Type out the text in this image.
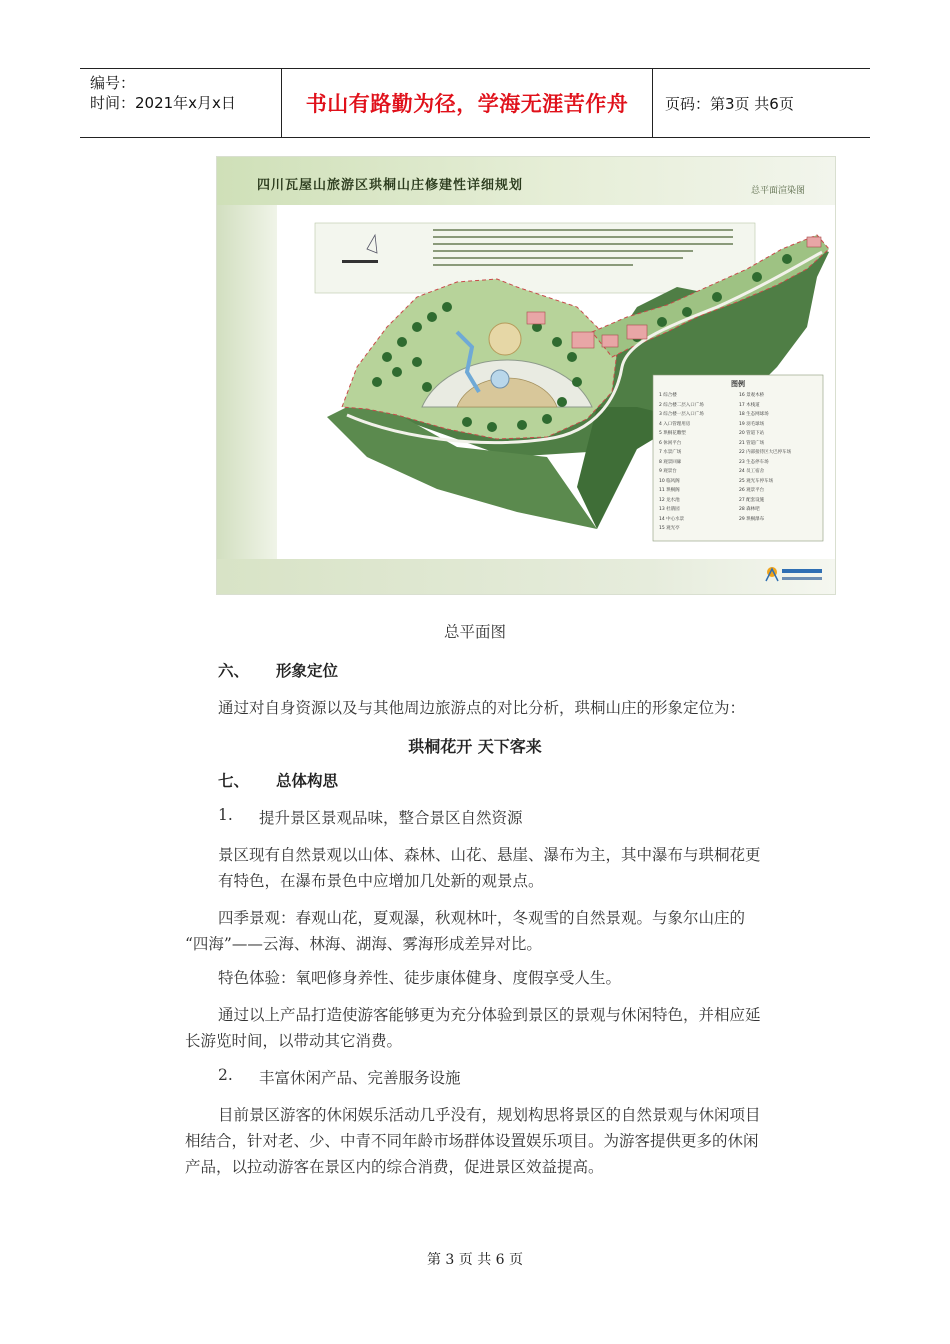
编号：
时间：2021年x月x日	书山有路勤为径，学海无涯苦作舟	页码：第3页 共6页
四川瓦屋山旅游区珙桐山庄修建性详细规划	总平面渲染图
图例
1 综合楼
2 综合楼二层入口广场
3 综合楼一层入口广场
4 入口管理用房
5 珙桐花雕塑
6 休闲平台
7 水景广场
8 观景回廊
9 观景台
10 临风阁
11 珙桐阁
12 龙水池
13 杜鹃园
14 中心水景
15 观光亭
16 景观木桥
17 木栈道
18 生态网球场
19 羽毛球场
20 管道下站
21 管道广场
22 内部接待区大巴停车场
23 生态停车场
24 员工宿舍
25 观光车停车场
26 观景平台
27 配套设施
28 森林吧
29 珙桐瀑布
总平面图
六、 形象定位
通过对自身资源以及与其他周边旅游点的对比分析，珙桐山庄的形象定位为：
珙桐花开 天下客来
七、 总体构思
1. 提升景区景观品味，整合景区自然资源
景区现有自然景观以山体、森林、山花、悬崖、瀑布为主，其中瀑布与珙桐花更
有特色，在瀑布景色中应增加几处新的观景点。
四季景观：春观山花，夏观瀑，秋观林叶，冬观雪的自然景观。与象尔山庄的
“四海”——云海、林海、湖海、雾海形成差异对比。
特色体验：氧吧修身养性、徒步康体健身、度假享受人生。
通过以上产品打造使游客能够更为充分体验到景区的景观与休闲特色，并相应延
长游览时间，以带动其它消费。
2. 丰富休闲产品、完善服务设施
目前景区游客的休闲娱乐活动几乎没有，规划构思将景区的自然景观与休闲项目
相结合，针对老、少、中青不同年龄市场群体设置娱乐项目。为游客提供更多的休闲
产品，以拉动游客在景区内的综合消费，促进景区效益提高。
第 3 页 共 6 页
